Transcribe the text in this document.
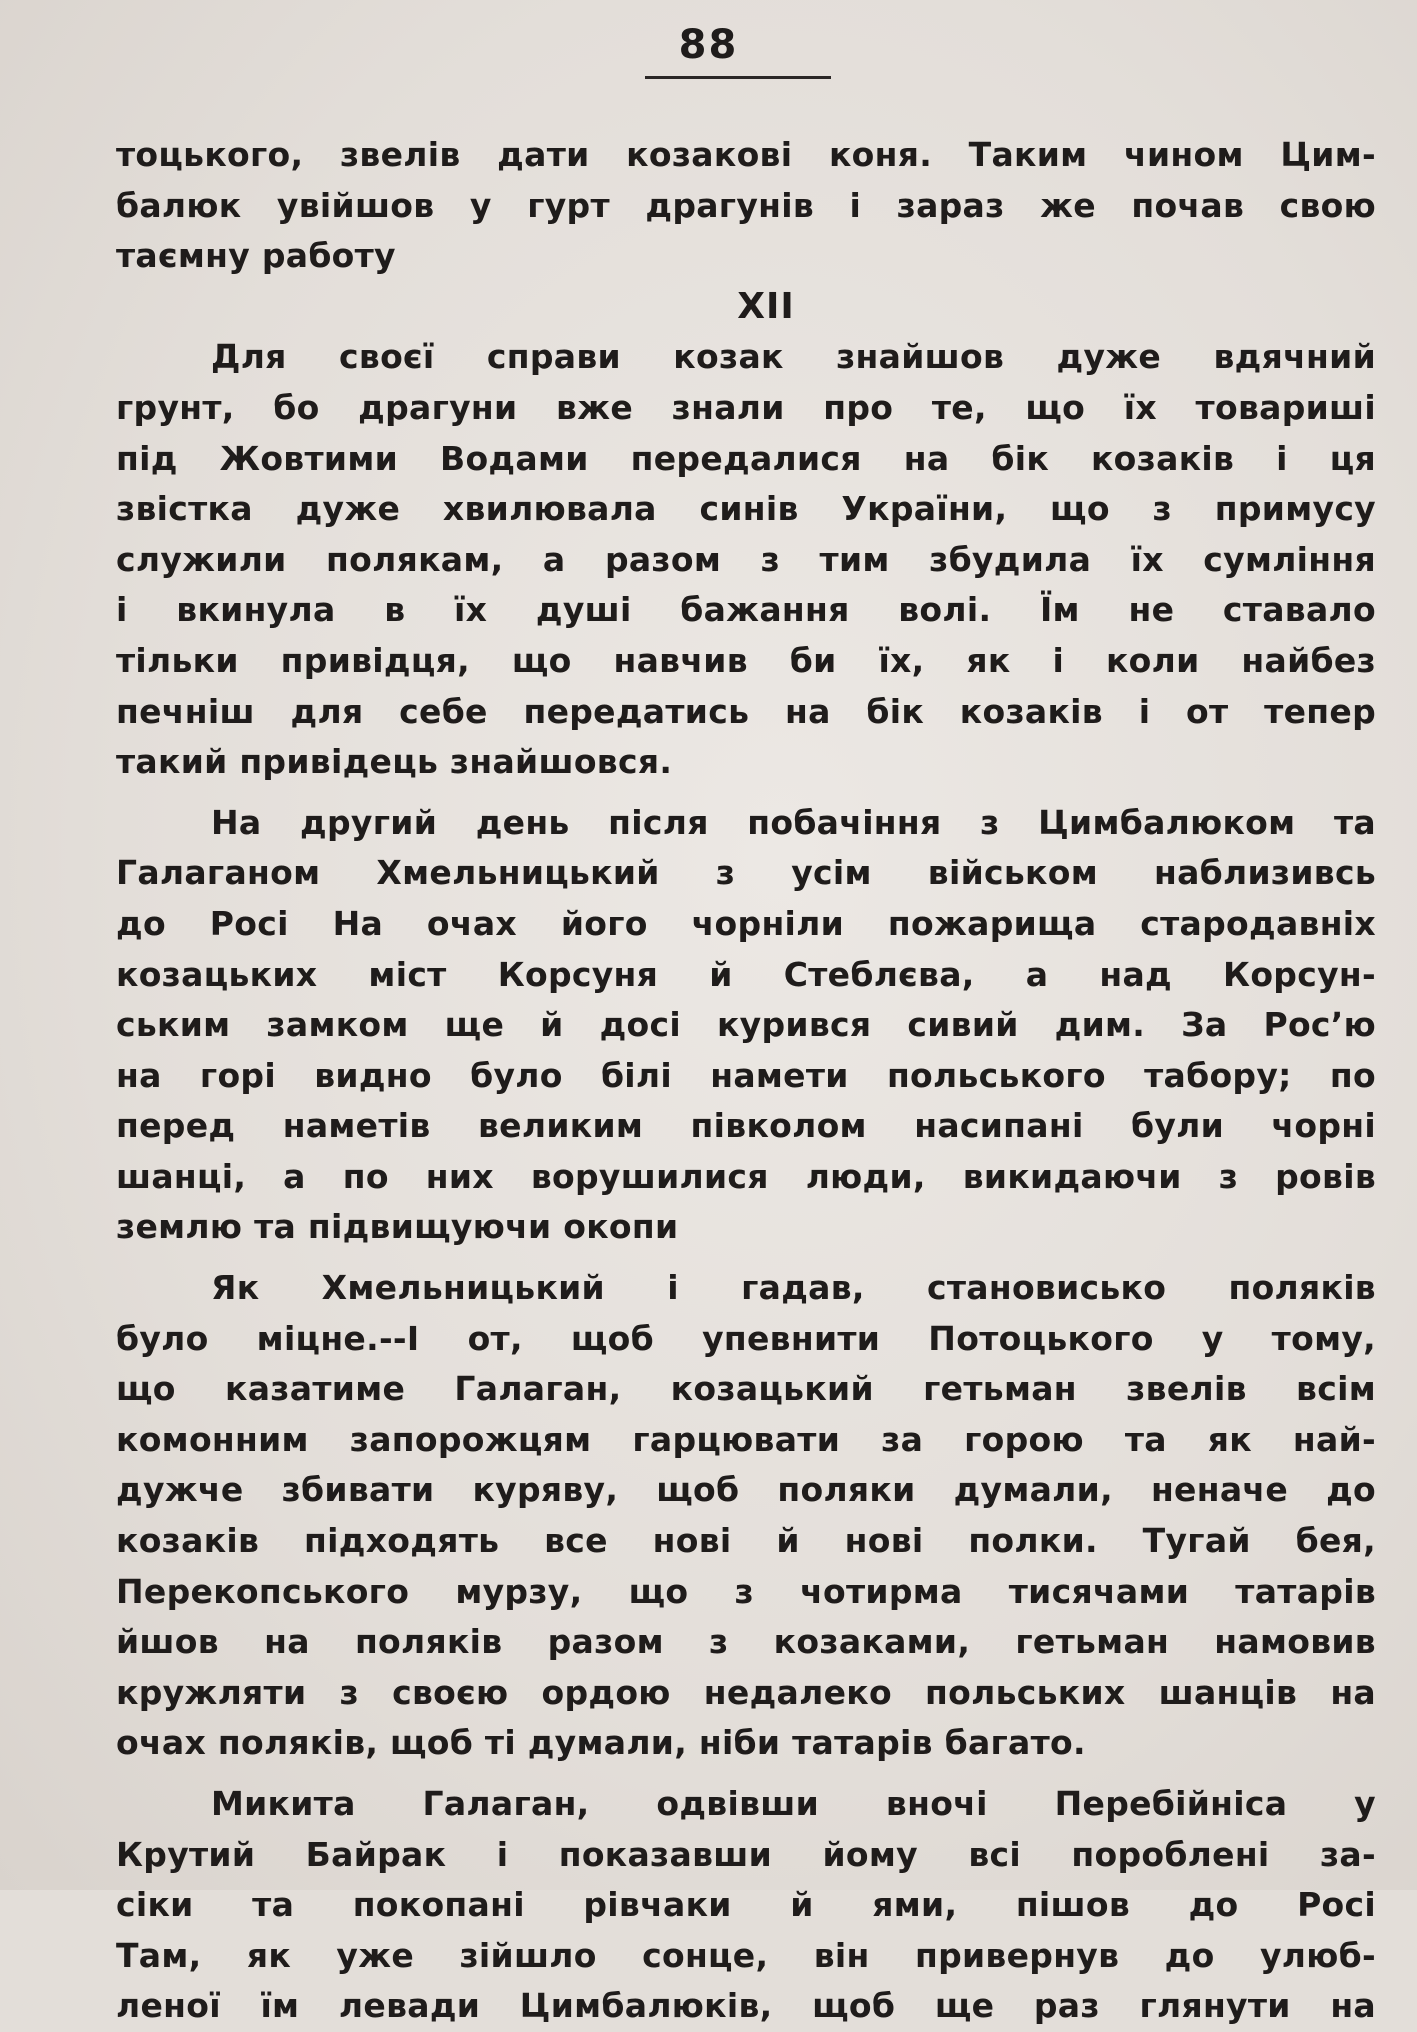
88
тоцького, звелів дати козакові коня. Таким чином Цим-
балюк увійшов у гурт драгунів і зараз же почав свою
таємну работу
XII
Для своєї справи козак знайшов дуже вдячний
грунт, бо драгуни вже знали про те, що їх товариші
під Жовтими Водами передалися на бік козаків і ця
звістка дуже хвилювала синів України, що з примусу
служили полякам, а разом з тим збудила їх сумління
і вкинула в їх душі бажання волі. Їм не ставало
тільки привідця, що навчив би їх, як і коли найбез
печніш для себе передатись на бік козаків і от тепер
такий привідець знайшовся.
На другий день після побачіння з Цимбалюком та
Галаганом Хмельницький з усім військом наблизивсь
до Росі На очах його чорніли пожарища стародавніх
козацьких міст Корсуня й Стеблєва, а над Корсун-
ським замком ще й досі курився сивий дим. За Росʼю
на горі видно було білі намети польського табору; по
перед наметів великим півколом насипані були чорні
шанці, а по них ворушилися люди, викидаючи з ровів
землю та підвищуючи окопи
Як Хмельницький і гадав, становисько поляків
було міцне.--І от, щоб упевнити Потоцького у тому,
що казатиме Галаган, козацький гетьман звелів всім
комонним запорожцям гарцювати за горою та як най-
дужче збивати куряву, щоб поляки думали, неначе до
козаків підходять все нові й нові полки. Тугай бея,
Перекопського мурзу, що з чотирма тисячами татарів
йшов на поляків разом з козаками, гетьман намовив
кружляти з своєю ордою недалеко польських шанців на
очах поляків, щоб ті думали, ніби татарів багато.
Микита Галаган, одвівши вночі Перебійніса у
Крутий Байрак і показавши йому всі пороблені за-
сіки та покопані рівчаки й ями, пішов до Росі
Там, як уже зійшло сонце, він привернув до улюб-
леної їм левади Цимбалюків, щоб ще раз глянути на
